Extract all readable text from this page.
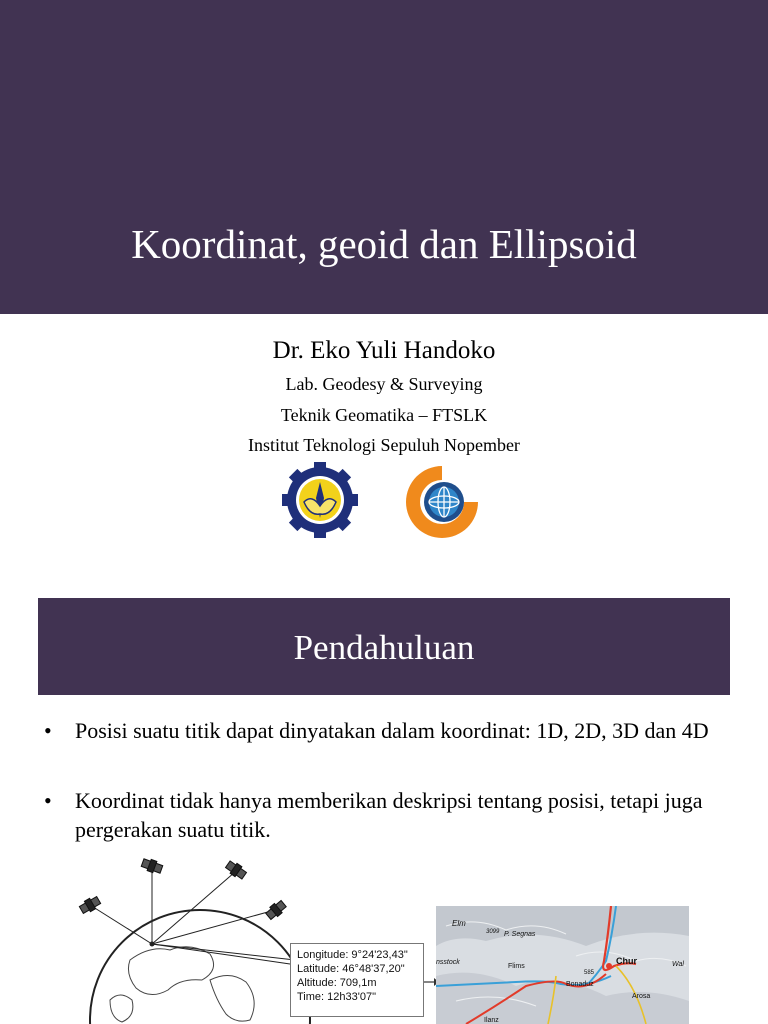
Koordinat, geoid dan Ellipsoid
Dr. Eko Yuli Handoko
Lab. Geodesy & Surveying
Teknik Geomatika – FTSLK
Institut Teknologi Sepuluh Nopember
Pendahuluan
• Posisi suatu titik dapat dinyatakan dalam koordinat: 1D, 2D, 3D dan 4D
• Koordinat tidak hanya memberikan deskripsi tentang posisi, tetapi juga pergerakan suatu titik.
Longitude: 9°24'23,43"
Latitude: 46°48'37,20"
Altitude: 709,1m
Time: 12h33'07"
Elm
3099 P. Segnas
nsstock
Flims
Bonaduz
Chur
585
Wal
Arosa
Ilanz
